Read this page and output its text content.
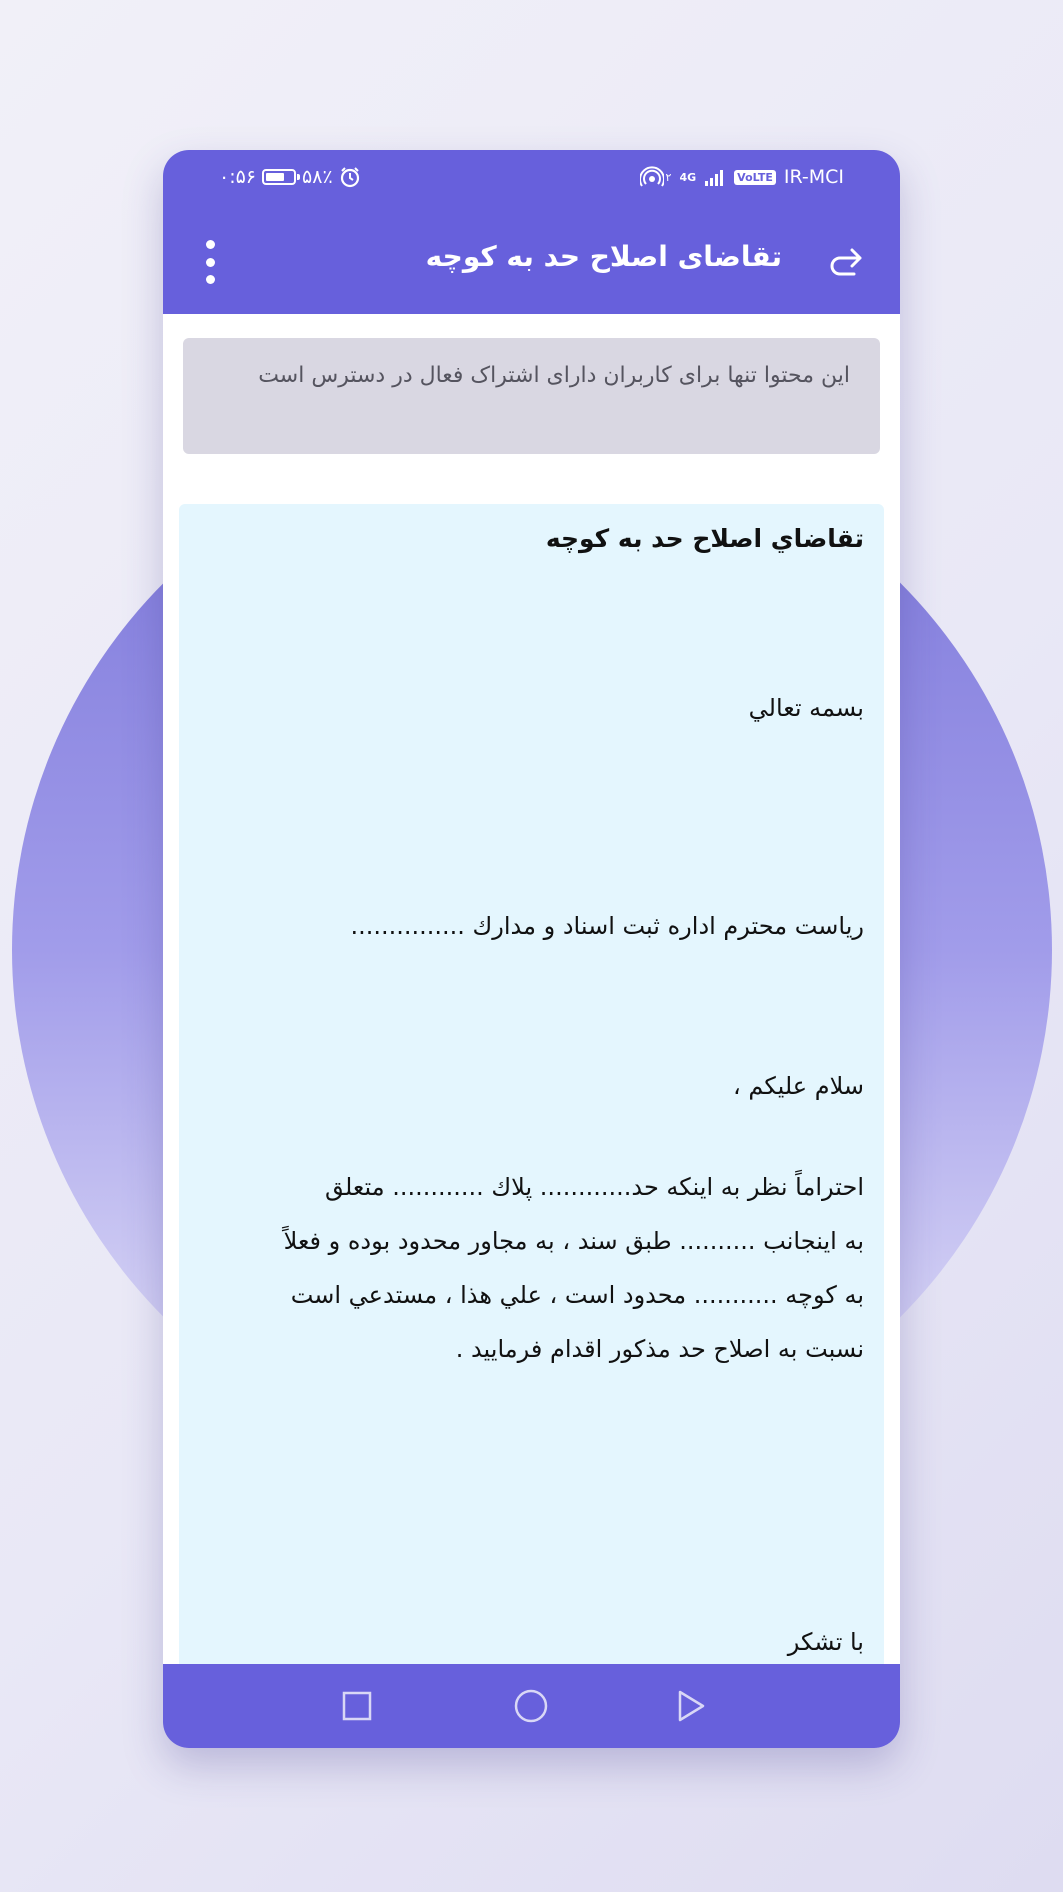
۰:۵۶ ۵۸٪	۲ 4G	VoLTE IR-MCI
تقاضای اصلاح حد به کوچه
این محتوا تنها برای کاربران دارای اشتراک فعال در دسترس است

تقاضاي اصلاح حد به كوچه

بسمه تعالي

رياست محترم اداره ثبت اسناد و مدارك ...............

سلام عليكم ،

احتراماً نظر به اينكه حد............ پلاك ............ متعلق

به اينجانب .......... طبق سند ، به مجاور محدود بوده و فعلاً

به كوچه ........... محدود است ، علي هذا ، مستدعي است

نسبت به اصلاح حد مذكور اقدام فرماييد .

با تشكر
